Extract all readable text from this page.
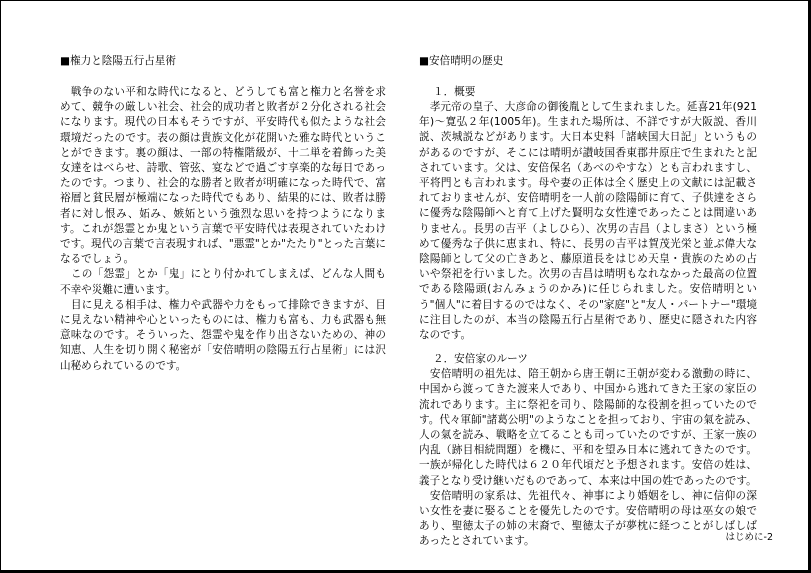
■権力と陰陽五行占星術

　戦争のない平和な時代になると、どうしても富と権力と名誉を求めて、競争の厳しい社会、社会的成功者と敗者が２分化される社会になります。現代の日本もそうですが、平安時代も似たような社会環境だったのです。表の顔は貴族文化が花開いた雅な時代ということができます。裏の顔は、一部の特権階級が、十二単を着飾った美女達をはべらせ、詩歌、管弦、宴などで過ごす享楽的な毎日であったのです。つまり、社会的な勝者と敗者が明確になった時代で、富裕層と貧民層が極端になった時代でもあり、結果的には、敗者は勝者に対し恨み、妬み、嫉妬という強烈な思いを持つようになります。これが怨霊とか鬼という言葉で平安時代は表現されていたわけです。現代の言葉で言表現すれば、"悪霊"とか"たたり"とった言葉になるでしょう。

　この「怨霊」とか「鬼」にとり付かれてしまえば、どんな人間も不幸や災難に遭います。

　目に見える相手は、権力や武器や力をもって排除できますが、目に見えない精神や心といったものには、権力も富も、力も武器も無意味なのです。そういった、怨霊や鬼を作り出さないための、神の知恵、人生を切り開く秘密が「安倍晴明の陰陽五行占星術」には沢山秘められているのです。

■安倍晴明の歴史
１．概要

　孝元帝の皇子、大彦命の御後胤として生まれました。延喜21年(921年)〜寛弘２年(1005年)。生まれた場所は、不詳ですが大阪説、香川説、茨城説などがあります。大日本史料「諸峡国大日記」というものがあるのですが、そこには晴明が讃岐国香東郡井原庄で生まれたと記されています。父は、安倍保名（あべのやすな）とも言われますし、平将門とも言われます。母や妻の正体は全く歴史上の文献には記載されておりませんが、安倍晴明を一人前の陰陽師に育て、子供達をさらに優秀な陰陽師へと育て上げた賢明な女性達であったことは間違いありません。長男の吉平（よしひら）、次男の吉昌（よしまさ）という極めて優秀な子供に恵まれ、特に、長男の吉平は賀茂光栄と並ぶ偉大な陰陽師として父の亡きあと、藤原道長をはじめ天皇・貴族のための占いや祭祀を行いました。次男の吉昌は晴明もなれなかった最高の位置である陰陽頭(おんみょうのかみ)に任じられました。安倍晴明という"個人"に着目するのではなく、その"家庭"と"友人・パートナー"環境に注目したのが、本当の陰陽五行占星術であり、歴史に隠された内容なのです。

２．安倍家のルーツ

　安倍晴明の祖先は、陪王朝から唐王朝に王朝が変わる激動の時に、中国から渡ってきた渡来人であり、中国から逃れてきた王家の家臣の流れであります。主に祭祀を司り、陰陽師的な役割を担っていたのです。代々軍師"諸葛公明"のようなことを担っており、宇宙の氣を読み、人の氣を読み、戦略を立てることも司っていたのですが、王家一族の内乱（跡目相続問題）を機に、平和を望み日本に逃れてきたのです。一族が帰化した時代は６２０年代頃だと予想されます。安倍の姓は、義子となり受け継いだものであって、本来は中国の姓であったのです。

　安倍晴明の家系は、先祖代々、神事により婚姻をし、神に信仰の深い女性を妻に娶ることを優先したのです。安倍晴明の母は巫女の娘であり、聖徳太子の姉の末裔で、聖徳太子が夢枕に経つことがしばしばあったとされています。	はじめに-2
